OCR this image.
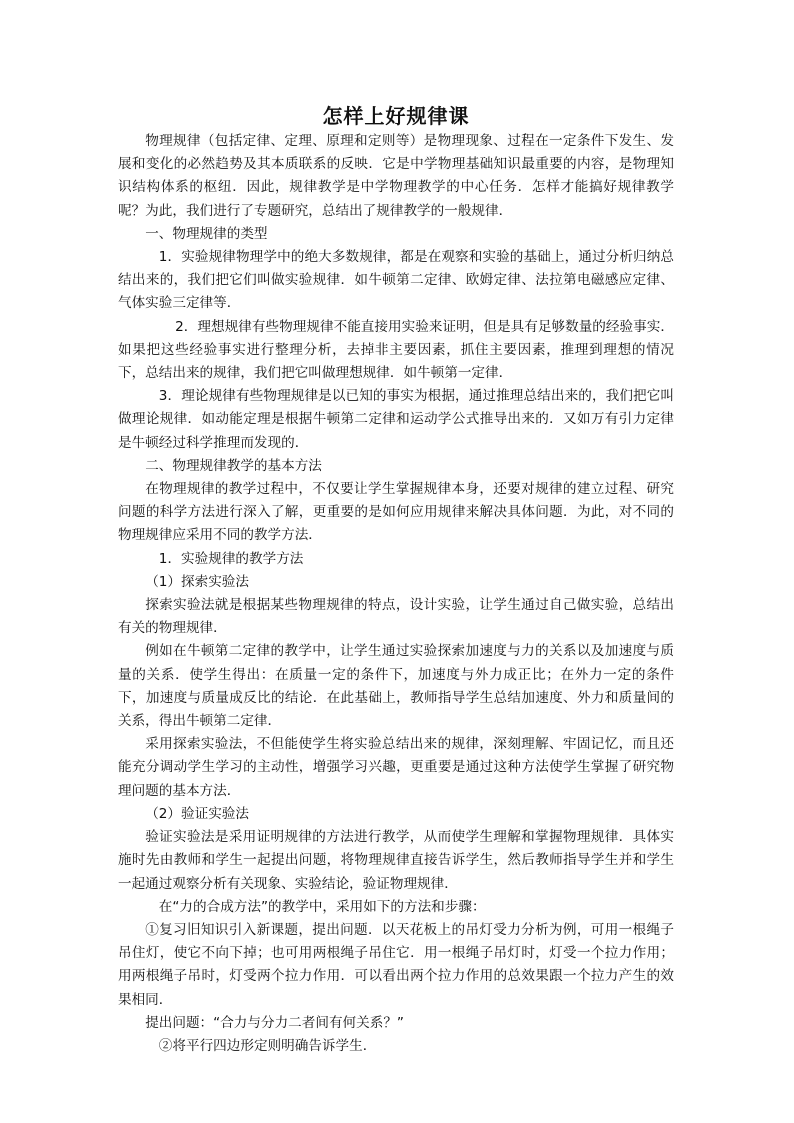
怎样上好规律课

物理规律（包括定律、定理、原理和定则等）是物理现象、过程在一定条件下发生、发展和变化的必然趋势及其本质联系的反映．它是中学物理基础知识最重要的内容，是物理知识结构体系的枢纽．因此，规律教学是中学物理教学的中心任务．怎样才能搞好规律教学呢？为此，我们进行了专题研究，总结出了规律教学的一般规律．

一、物理规律的类型

1．实验规律物理学中的绝大多数规律，都是在观察和实验的基础上，通过分析归纳总结出来的，我们把它们叫做实验规律．如牛顿第二定律、欧姆定律、法拉第电磁感应定律、气体实验三定律等．

2．理想规律有些物理规律不能直接用实验来证明，但是具有足够数量的经验事实．如果把这些经验事实进行整理分析，去掉非主要因素，抓住主要因素，推理到理想的情况下，总结出来的规律，我们把它叫做理想规律．如牛顿第一定律．

3．理论规律有些物理规律是以已知的事实为根据，通过推理总结出来的，我们把它叫做理论规律．如动能定理是根据牛顿第二定律和运动学公式推导出来的．又如万有引力定律是牛顿经过科学推理而发现的．

二、物理规律教学的基本方法

在物理规律的教学过程中，不仅要让学生掌握规律本身，还要对规律的建立过程、研究问题的科学方法进行深入了解，更重要的是如何应用规律来解决具体问题．为此，对不同的物理规律应采用不同的教学方法．

1．实验规律的教学方法

（1）探索实验法

探索实验法就是根据某些物理规律的特点，设计实验，让学生通过自己做实验，总结出有关的物理规律．

例如在牛顿第二定律的教学中，让学生通过实验探索加速度与力的关系以及加速度与质量的关系．使学生得出：在质量一定的条件下，加速度与外力成正比；在外力一定的条件下，加速度与质量成反比的结论．在此基础上，教师指导学生总结加速度、外力和质量间的关系，得出牛顿第二定律．

采用探索实验法，不但能使学生将实验总结出来的规律，深刻理解、牢固记忆，而且还能充分调动学生学习的主动性，增强学习兴趣，更重要是通过这种方法使学生掌握了研究物理问题的基本方法．

（2）验证实验法

验证实验法是采用证明规律的方法进行教学，从而使学生理解和掌握物理规律．具体实施时先由教师和学生一起提出问题，将物理规律直接告诉学生，然后教师指导学生并和学生一起通过观察分析有关现象、实验结论，验证物理规律．

在“力的合成方法”的教学中，采用如下的方法和步骤：

①复习旧知识引入新课题，提出问题．以天花板上的吊灯受力分析为例，可用一根绳子吊住灯，使它不向下掉；也可用两根绳子吊住它．用一根绳子吊灯时，灯受一个拉力作用；用两根绳子吊时，灯受两个拉力作用．可以看出两个拉力作用的总效果跟一个拉力产生的效果相同．

提出问题：“合力与分力二者间有何关系？”

②将平行四边形定则明确告诉学生．
